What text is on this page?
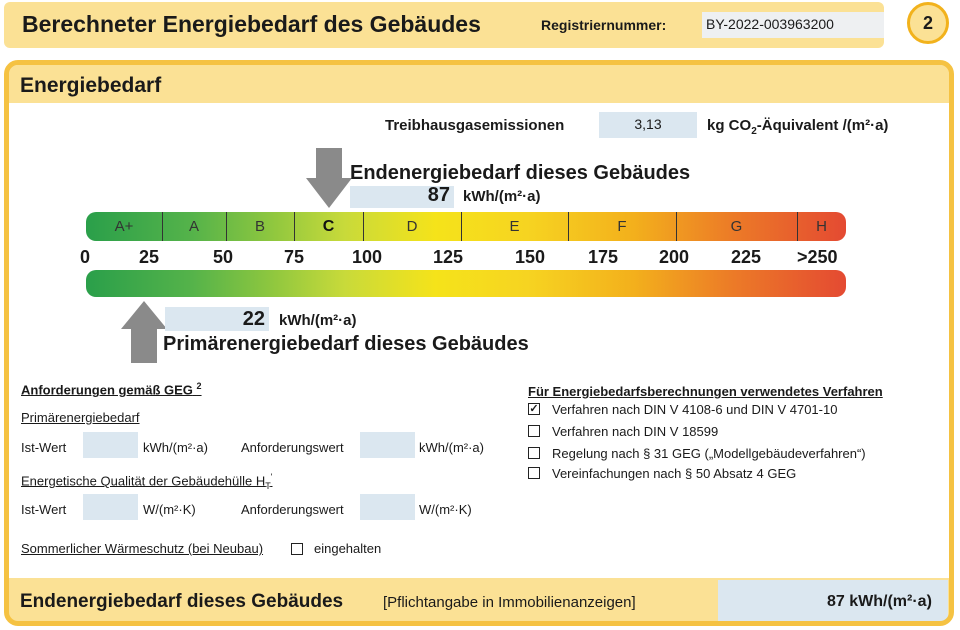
Berechneter Energiebedarf des Gebäudes	Registriernummer:	BY-2022-003963200	2
Energiebedarf
Treibhausgasemissionen	3,13	kg $CO_2$-Äquivalent /(m²·a)
Endenergiebedarf dieses Gebäudes
87 kWh/(m²·a)
A+	A	B	C	D	E	F	G	H
0	25	50	75	100	125	150 175 200 225 >250
22 kWh/(m²·a)
Primärenergiebedarf dieses Gebäudes
Anforderungen gemäß GEG $^2$
Primärenergiebedarf
Ist-Wert	kWh/(m²·a)	Anforderungswert	kWh/(m²·a)
Energetische Qualität der Gebäudehülle $H_T'$
Ist-Wert	W/(m²·K)	Anforderungswert	W/(m²·K)
Sommerlicher Wärmeschutz (bei Neubau)	eingehalten
Für Energiebedarfsberechnungen verwendetes Verfahren
✓ Verfahren nach DIN V 4108-6 und DIN V 4701-10
Verfahren nach DIN V 18599
Regelung nach § 31 GEG („Modellgebäudeverfahren“)
Vereinfachungen nach § 50 Absatz 4 GEG
Endenergiebedarf dieses Gebäudes	[Pflichtangabe in Immobilienanzeigen]	87 kWh/(m²·a)
